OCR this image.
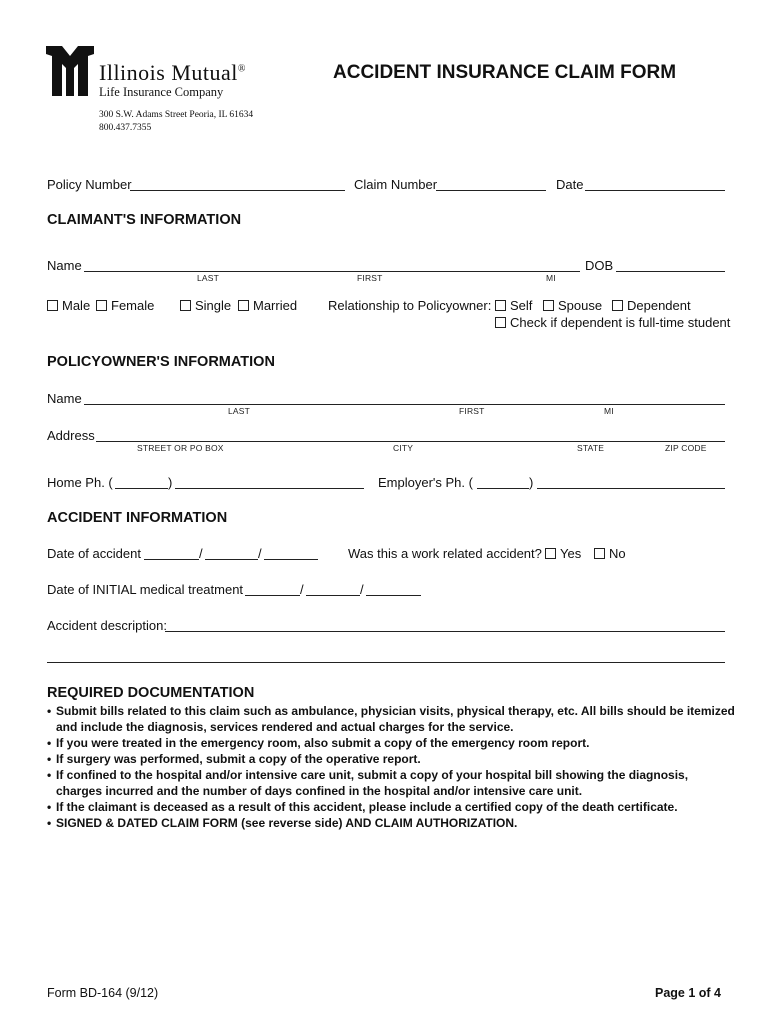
Illinois Mutual®
Life Insurance Company
300 S.W. Adams Street Peoria, IL 61634
800.437.7355
ACCIDENT INSURANCE CLAIM FORM
Policy Number	Claim Number	Date
CLAIMANT'S INFORMATION
Name
LAST	FIRST	MI
DOB
Male	Female	Single	Married Relationship to Policyowner:	Self	Spouse	Dependent
Check if dependent is full-time student
POLICYOWNER'S INFORMATION
Name
LAST	FIRST	MI
Address
STREET OR PO BOX	CITY	STATE	ZIP CODE
Home Ph. (	)	Employer's Ph. (	)
ACCIDENT INFORMATION
Date of accident	/	/	Was this a work related accident?	Yes	No
Date of INITIAL medical treatment	/	/
Accident description:
REQUIRED DOCUMENTATION
• Submit bills related to this claim such as ambulance, physician visits, physical therapy, etc. All bills should be itemized and include the diagnosis, services rendered and actual charges for the service.
• If you were treated in the emergency room, also submit a copy of the emergency room report.
• If surgery was performed, submit a copy of the operative report.
• If confined to the hospital and/or intensive care unit, submit a copy of your hospital bill showing the diagnosis, charges incurred and the number of days confined in the hospital and/or intensive care unit.
• If the claimant is deceased as a result of this accident, please include a certified copy of the death certificate.
• SIGNED & DATED CLAIM FORM (see reverse side) AND CLAIM AUTHORIZATION.
Form BD-164 (9/12)	Page 1 of 4
